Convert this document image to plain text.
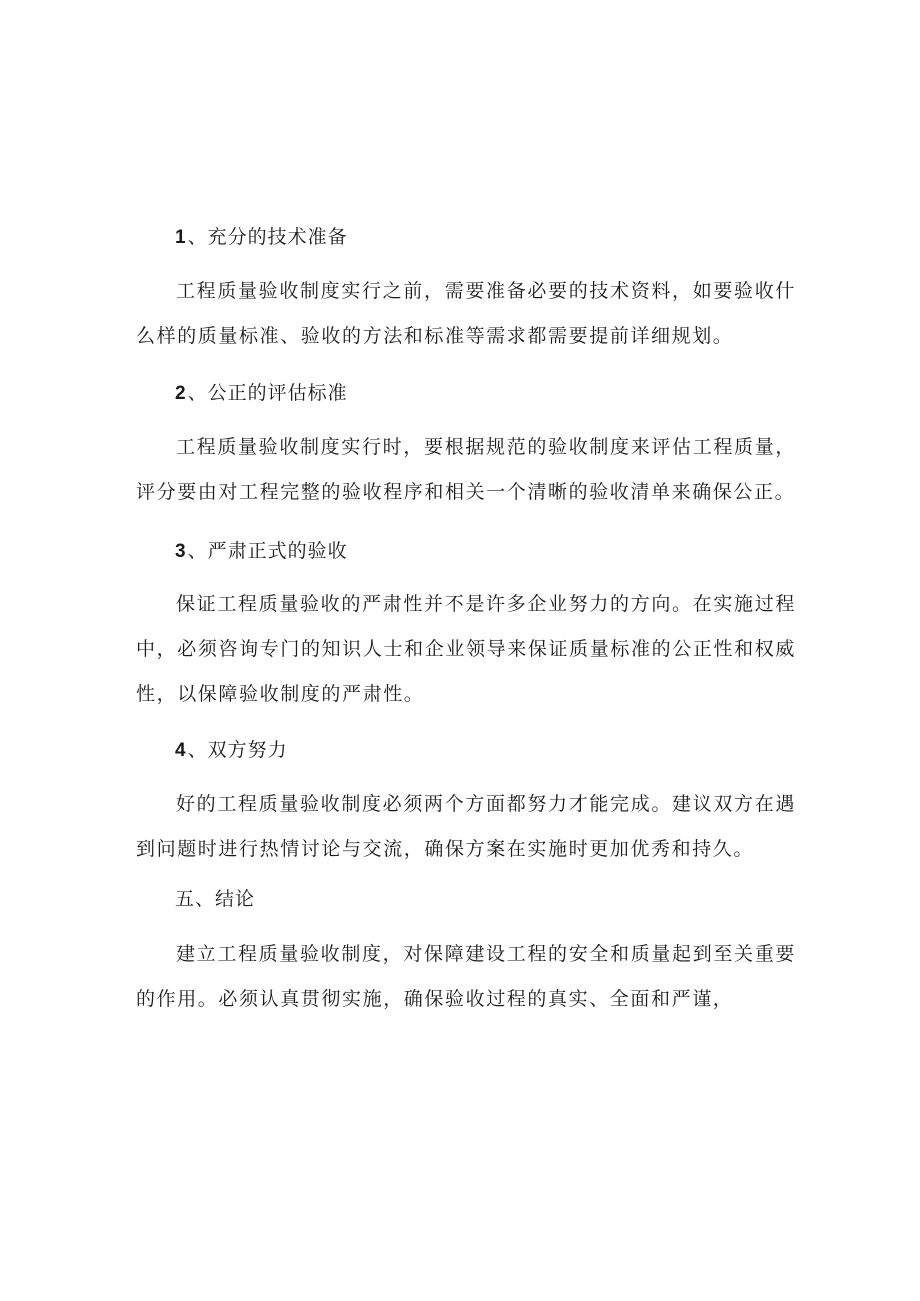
1、充分的技术准备
工程质量验收制度实行之前，需要准备必要的技术资料，如要验收什么样的质量标准、验收的方法和标准等需求都需要提前详细规划。
2、公正的评估标准
工程质量验收制度实行时，要根据规范的验收制度来评估工程质量，评分要由对工程完整的验收程序和相关一个清晰的验收清单来确保公正。
3、严肃正式的验收
保证工程质量验收的严肃性并不是许多企业努力的方向。在实施过程中，必须咨询专门的知识人士和企业领导来保证质量标准的公正性和权威性，以保障验收制度的严肃性。
4、双方努力
好的工程质量验收制度必须两个方面都努力才能完成。建议双方在遇到问题时进行热情讨论与交流，确保方案在实施时更加优秀和持久。
五、结论
建立工程质量验收制度，对保障建设工程的安全和质量起到至关重要的作用。必须认真贯彻实施，确保验收过程的真实、全面和严谨，
